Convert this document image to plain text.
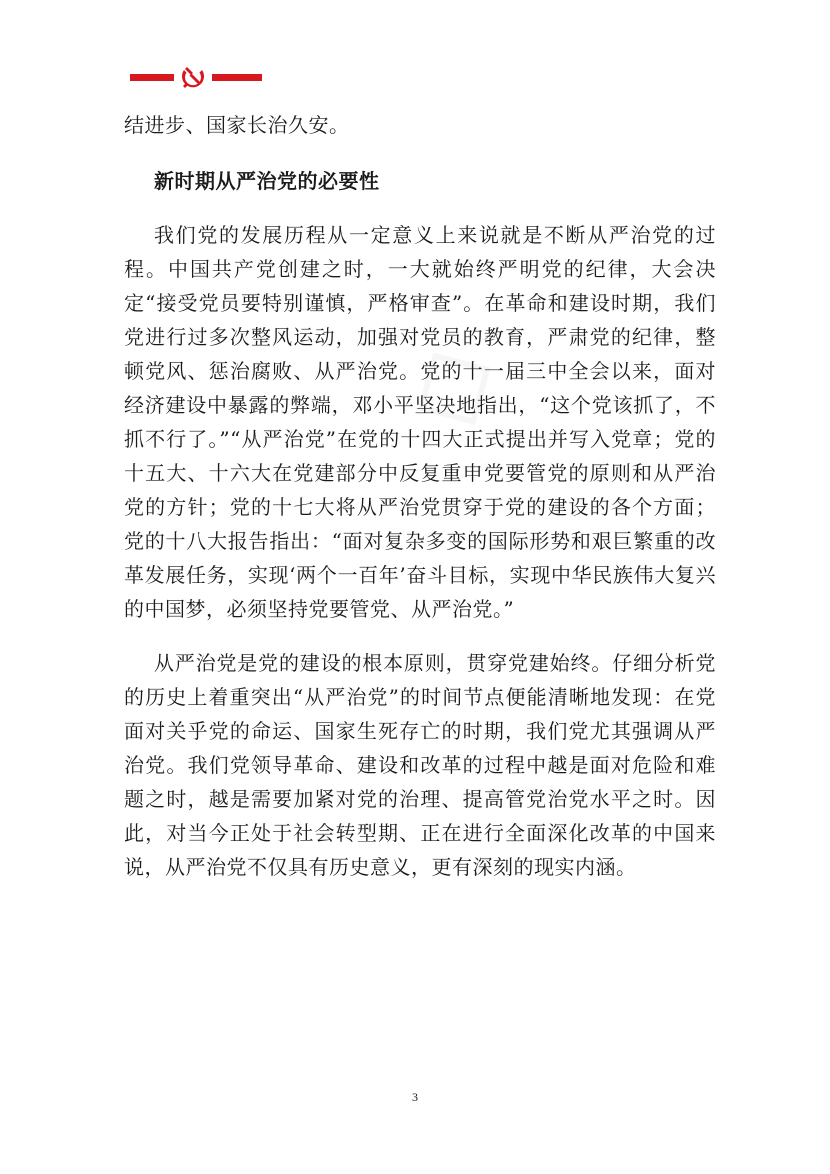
结进步、国家长治久安。

新时期从严治党的必要性

我们党的发展历程从一定意义上来说就是不断从严治党的过程。中国共产党创建之时，一大就始终严明党的纪律，大会决定“接受党员要特别谨慎，严格审查”。在革命和建设时期，我们党进行过多次整风运动，加强对党员的教育，严肃党的纪律，整顿党风、惩治腐败、从严治党。党的十一届三中全会以来，面对经济建设中暴露的弊端，邓小平坚决地指出，“这个党该抓了，不抓不行了。”“从严治党”在党的十四大正式提出并写入党章；党的十五大、十六大在党建部分中反复重申党要管党的原则和从严治党的方针；党的十七大将从严治党贯穿于党的建设的各个方面；党的十八大报告指出：“面对复杂多变的国际形势和艰巨繁重的改革发展任务，实现‘两个一百年’奋斗目标，实现中华民族伟大复兴的中国梦，必须坚持党要管党、从严治党。”

从严治党是党的建设的根本原则，贯穿党建始终。仔细分析党的历史上着重突出“从严治党”的时间节点便能清晰地发现：在党面对关乎党的命运、国家生死存亡的时期，我们党尤其强调从严治党。我们党领导革命、建设和改革的过程中越是面对危险和难题之时，越是需要加紧对党的治理、提高管党治党水平之时。因此，对当今正处于社会转型期、正在进行全面深化改革的中国来说，从严治党不仅具有历史意义，更有深刻的现实内涵。

3
